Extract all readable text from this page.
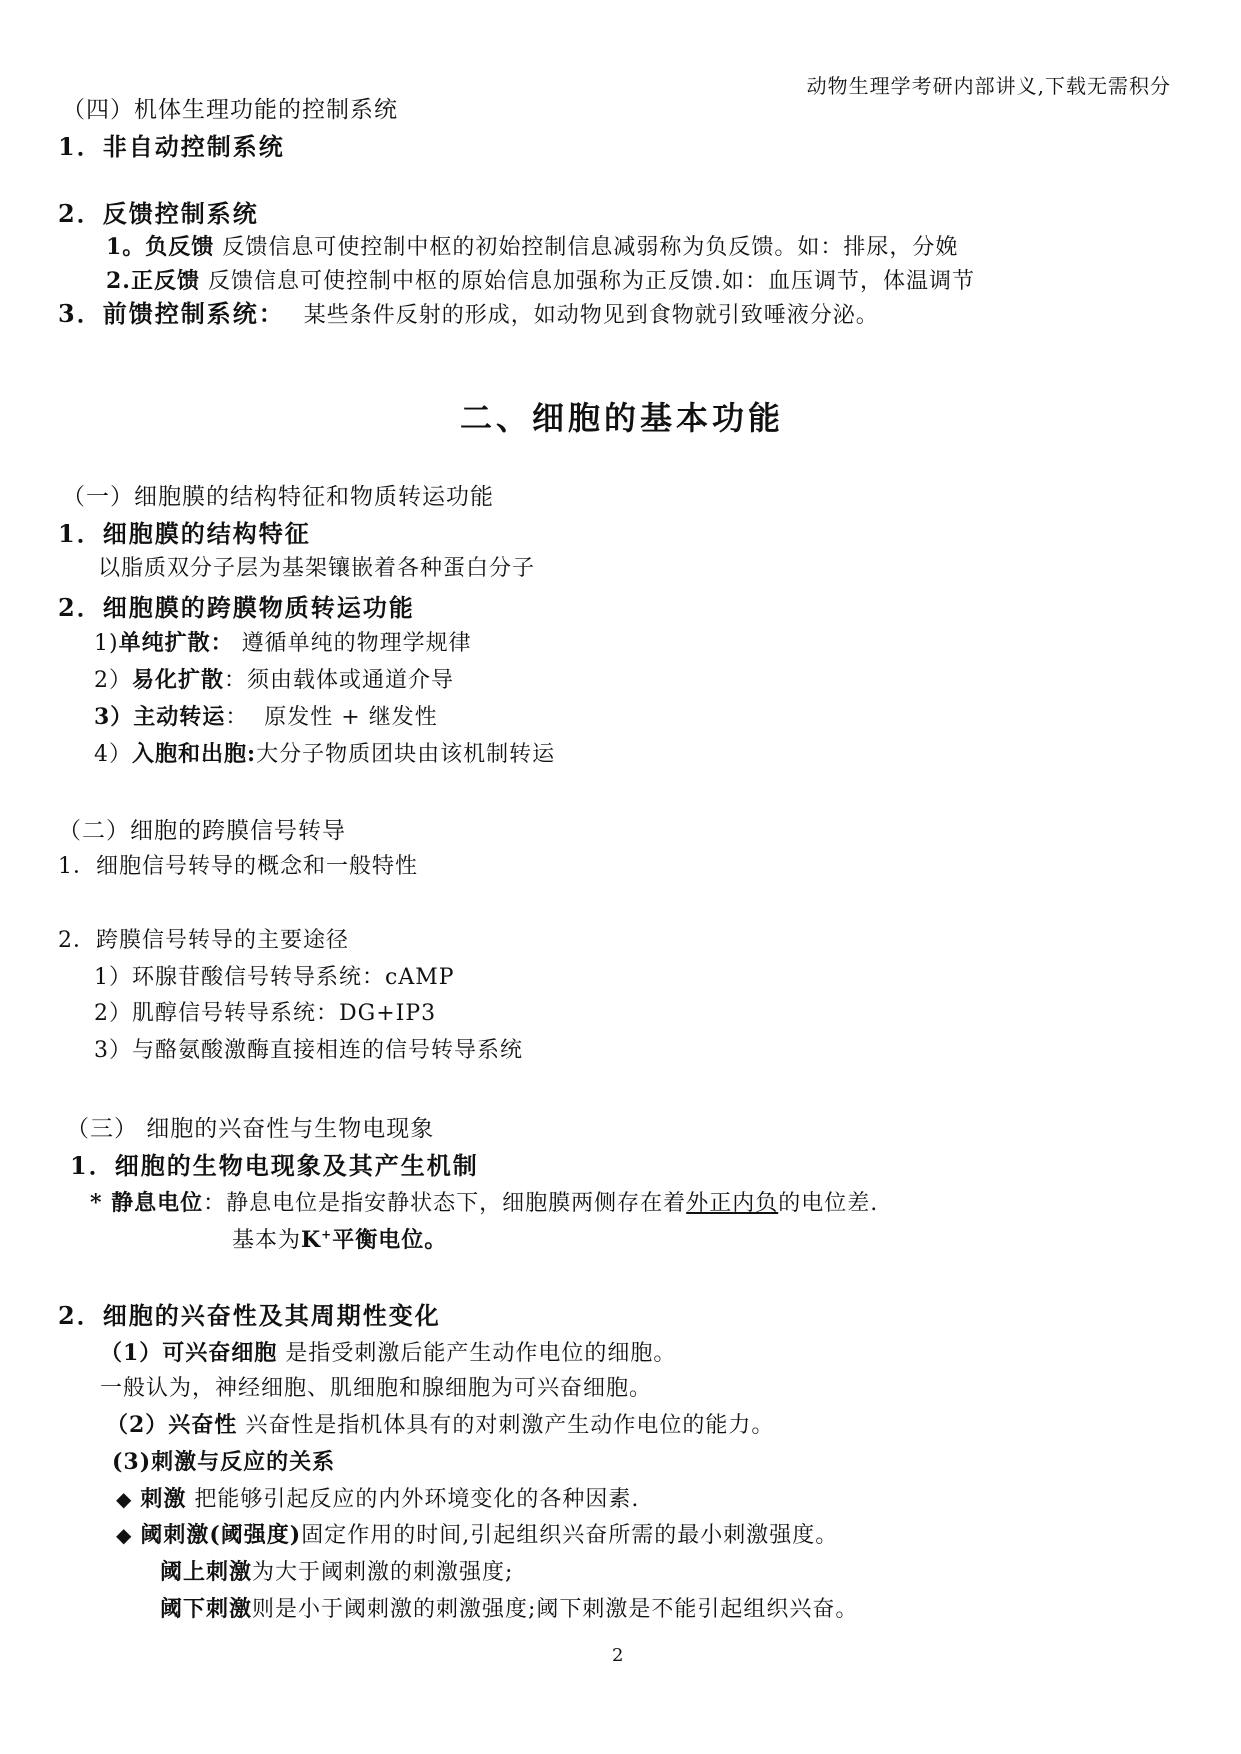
动物生理学考研内部讲义,下载无需积分
（四）机体生理功能的控制系统
1．非自动控制系统
2．反馈控制系统
1。负反馈 反馈信息可使控制中枢的初始控制信息减弱称为负反馈。如：排尿，分娩
2.正反馈 反馈信息可使控制中枢的原始信息加强称为正反馈.如：血压调节，体温调节
3．前馈控制系统： 某些条件反射的形成，如动物见到食物就引致唾液分泌。
二、细胞的基本功能
（一）细胞膜的结构特征和物质转运功能
1．细胞膜的结构特征
以脂质双分子层为基架镶嵌着各种蛋白分子
2．细胞膜的跨膜物质转运功能
1)单纯扩散： 遵循单纯的物理学规律
2）易化扩散：须由载体或通道介导
3）主动转运：  原发性 + 继发性
4）入胞和出胞:大分子物质团块由该机制转运
（二）细胞的跨膜信号转导
1．细胞信号转导的概念和一般特性
2．跨膜信号转导的主要途径
1）环腺苷酸信号转导系统：cAMP
2）肌醇信号转导系统：DG+IP3
3）与酪氨酸激酶直接相连的信号转导系统
（三） 细胞的兴奋性与生物电现象
1．细胞的生物电现象及其产生机制
* 静息电位：静息电位是指安静状态下，细胞膜两侧存在着外正内负的电位差.
基本为K+平衡电位。
2．细胞的兴奋性及其周期性变化
（1）可兴奋细胞 是指受刺激后能产生动作电位的细胞。
一般认为，神经细胞、肌细胞和腺细胞为可兴奋细胞。
（2）兴奋性 兴奋性是指机体具有的对刺激产生动作电位的能力。
(3)刺激与反应的关系
◆ 刺激 把能够引起反应的内外环境变化的各种因素.
◆ 阈刺激(阈强度)固定作用的时间,引起组织兴奋所需的最小刺激强度。
阈上刺激为大于阈刺激的刺激强度;
阈下刺激则是小于阈刺激的刺激强度;阈下刺激是不能引起组织兴奋。
2
